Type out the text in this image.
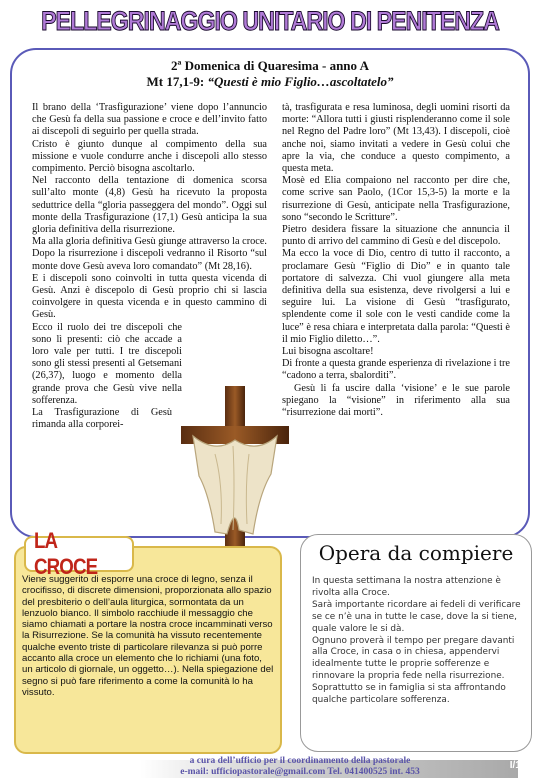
PELLEGRINAGGIO UNITARIO DI PENITENZA
2ª Domenica di Quaresima - anno A
Mt 17,1-9: “Questi è mio Figlio…ascoltatelo”

Il brano della ‘Trasfigurazione’ viene dopo l’annuncio che Gesù fa della sua passione e croce e dell’invito fatto ai discepoli di seguirlo per quella strada.

Cristo è giunto dunque al compimento della sua missione e vuole condurre anche i discepoli allo stesso compimento. Perciò bisogna ascoltarlo.

Nel racconto della tentazione di domenica scorsa sull’alto monte (4,8) Gesù ha ricevuto la proposta seduttrice della “gloria passeggera del mondo”. Oggi sul monte della Trasfigurazione (17,1) Gesù anticipa la sua gloria definitiva della risurrezione.

Ma alla gloria definitiva Gesù giunge attraverso la croce. Dopo la risurrezione i discepoli vedranno il Risorto “sul monte dove Gesù aveva loro comandato” (Mt 28,16).

E i discepoli sono coinvolti in tutta questa vicenda di Gesù. Anzi è discepolo di Gesù proprio chi si lascia coinvolgere in questa vicenda e in questo cammino di Gesù.

Ecco il ruolo dei tre discepoli che sono lì presenti: ciò che accade a loro vale per tutti. I tre discepoli sono gli stessi presenti al Getsemani (26,37), luogo e momento della grande prova che Gesù vive nella sofferenza.

La Trasfigurazione di Gesù rimanda alla corporei-

tà, trasfigurata e resa luminosa, degli uomini risorti da morte: “Allora tutti i giusti risplenderanno come il sole nel Regno del Padre loro” (Mt 13,43). I discepoli, cioè anche noi, siamo invitati a vedere in Gesù colui che apre la via, che conduce a questo compimento, a questa meta.

Mosè ed Elia compaiono nel racconto per dire che, come scrive san Paolo, (1Cor 15,3-5) la morte e la risurrezione di Gesù, anticipate nella Trasfigurazione, sono “secondo le Scritture”.

Pietro desidera fissare la situazione che annuncia il punto di arrivo del cammino di Gesù e del discepolo.

Ma ecco la voce di Dio, centro di tutto il racconto, a proclamare Gesù “Figlio di Dio” e in quanto tale portatore di salvezza. Chi vuol giungere alla meta definitiva della sua esistenza, deve rivolgersi a lui e seguire lui. La visione di Gesù “trasfigurato, splendente come il sole con le vesti candide come la luce” è resa chiara e interpretata dalla parola: “Questi è il mio Figlio diletto…”.

Lui bisogna ascoltare!

Di fronte a questa grande esperienza di rivelazione i tre “cadono a terra, sbalorditi”.

Gesù li fa uscire dalla ‘visione’ e le sue parole spiegano la “visione” in riferimento alla sua “risurrezione dai morti”.

LA CROCE
Viene suggerito di esporre una croce di legno, senza il crocifisso, di discrete dimensioni, proporzionata allo spazio del presbiterio o dell’aula liturgica, sormontata da un lenzuolo bianco. Il simbolo racchiude il messaggio che siamo chiamati a portare la nostra croce incamminati verso la Risurrezione. Se la comunità ha vissuto recentemente qualche evento triste di particolare rilevanza si può porre accanto alla croce un elemento che lo richiami (una foto, un articolo di giornale, un oggetto…). Nella spiegazione del segno si può fare riferimento a come la comunità lo ha vissuto.
Opera da compiere

In questa settimana la nostra attenzione è rivolta alla Croce.

Sarà importante ricordare ai fedeli di verificare se ce n’è una in tutte le case, dove la si tiene, quale valore le si dà.

Ognuno proverà il tempo per pregare davanti alla Croce, in casa o in chiesa, appendervi idealmente tutte le proprie sofferenze e rinnovare la propria fede nella risurrezione. Soprattutto se in famiglia si sta affrontando qualche particolare sofferenza.

a cura dell’ufficio per il coordinamento della pastorale
e-mail: ufficiopastorale@gmail.com Tel. 041400525 int. 453
I/11b
